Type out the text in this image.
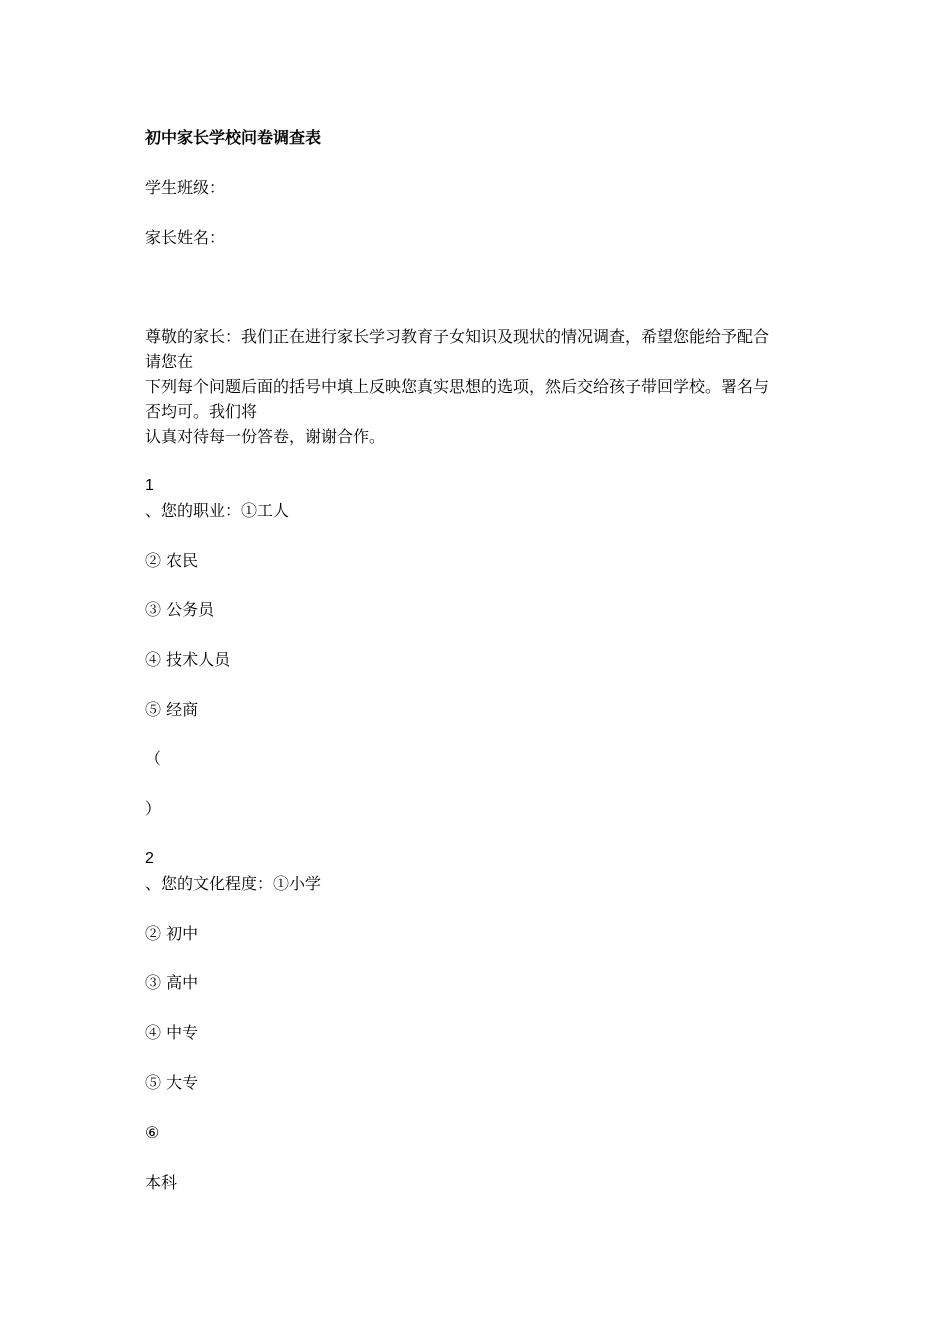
初中家长学校问卷调查表
学生班级：
家长姓名：
尊敬的家长：我们正在进行家长学习教育子女知识及现状的情况调查，希望您能给予配合
请您在
下列每个问题后面的括号中填上反映您真实思想的选项，然后交给孩子带回学校。署名与
否均可。我们将
认真对待每一份答卷，谢谢合作。
1
、您的职业：①工人
② 农民
③ 公务员
④ 技术人员
⑤ 经商
（
）
2
、您的文化程度：①小学
② 初中
③ 高中
④ 中专
⑤ 大专
⑥
本科
